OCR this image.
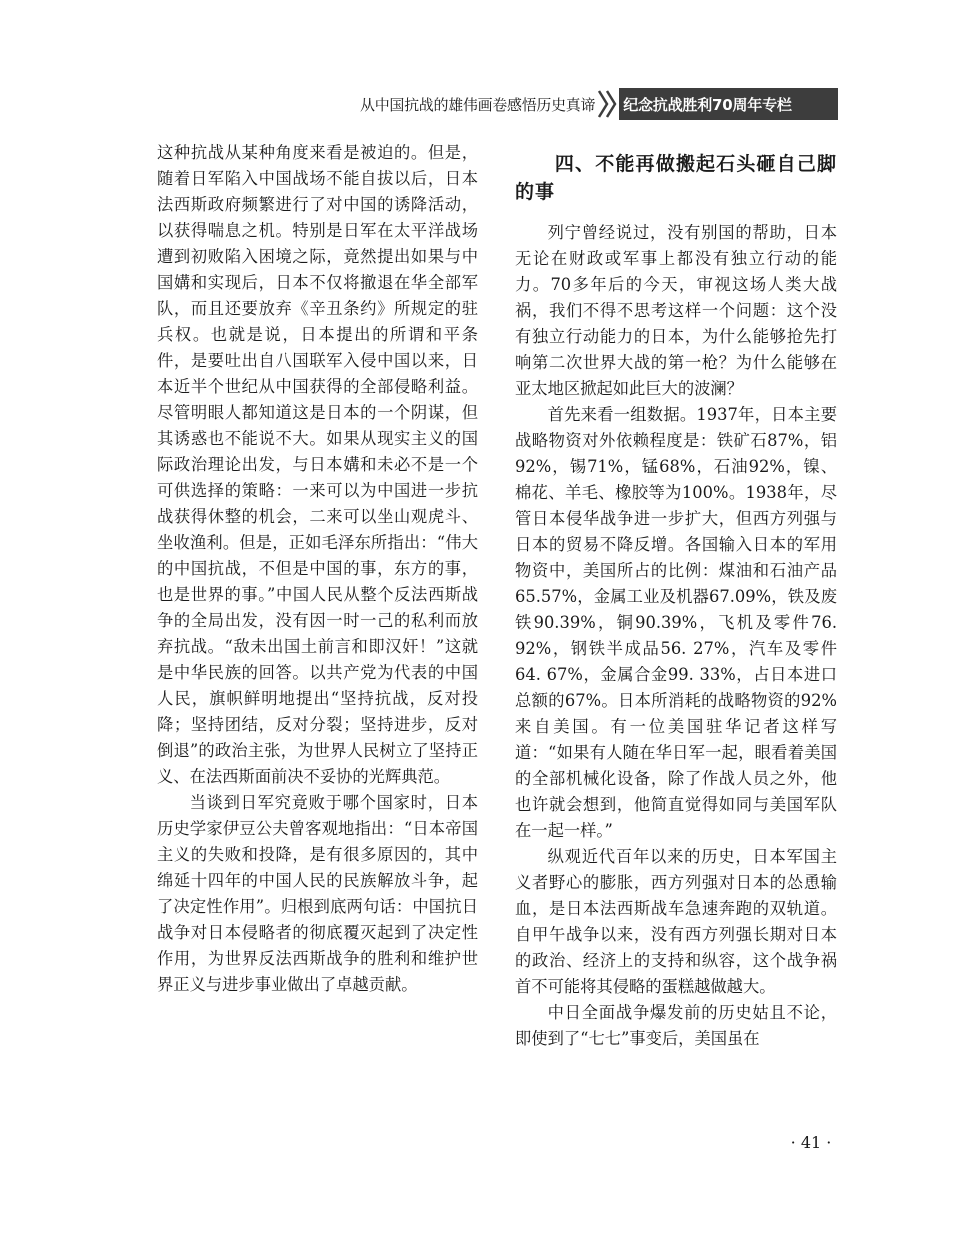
从中国抗战的雄伟画卷感悟历史真谛 纪念抗战胜利70周年专栏

这种抗战从某种角度来看是被迫的。但是，随着日军陷入中国战场不能自拔以后，日本法西斯政府频繁进行了对中国的诱降活动，以获得喘息之机。特别是日军在太平洋战场遭到初败陷入困境之际，竟然提出如果与中国媾和实现后，日本不仅将撤退在华全部军队，而且还要放弃《辛丑条约》所规定的驻兵权。也就是说，日本提出的所谓和平条件，是要吐出自八国联军入侵中国以来，日本近半个世纪从中国获得的全部侵略利益。尽管明眼人都知道这是日本的一个阴谋，但其诱惑也不能说不大。如果从现实主义的国际政治理论出发，与日本媾和未必不是一个可供选择的策略：一来可以为中国进一步抗战获得休整的机会，二来可以坐山观虎斗、坐收渔利。但是，正如毛泽东所指出：“伟大的中国抗战，不但是中国的事，东方的事，也是世界的事。”中国人民从整个反法西斯战争的全局出发，没有因一时一己的私利而放弃抗战。“敌未出国土前言和即汉奸！”这就是中华民族的回答。以共产党为代表的中国人民，旗帜鲜明地提出“坚持抗战，反对投降；坚持团结，反对分裂；坚持进步，反对倒退”的政治主张，为世界人民树立了坚持正义、在法西斯面前决不妥协的光辉典范。

当谈到日军究竟败于哪个国家时，日本历史学家伊豆公夫曾客观地指出：“日本帝国主义的失败和投降，是有很多原因的，其中绵延十四年的中国人民的民族解放斗争，起了决定性作用”。归根到底两句话：中国抗日战争对日本侵略者的彻底覆灭起到了决定性作用，为世界反法西斯战争的胜利和维护世界正义与进步事业做出了卓越贡献。

四、不能再做搬起石头砸自己脚的事

列宁曾经说过，没有别国的帮助，日本无论在财政或军事上都没有独立行动的能力。70多年后的今天，审视这场人类大战祸，我们不得不思考这样一个问题：这个没有独立行动能力的日本，为什么能够抢先打响第二次世界大战的第一枪？为什么能够在亚太地区掀起如此巨大的波澜？

首先来看一组数据。1937年，日本主要战略物资对外依赖程度是：铁矿石87%，铝92%，锡71%，锰68%，石油92%，镍、棉花、羊毛、橡胶等为100%。1938年，尽管日本侵华战争进一步扩大，但西方列强与日本的贸易不降反增。各国输入日本的军用物资中，美国所占的比例：煤油和石油产品65.57%，金属工业及机器67.09%，铁及废铁90.39%，铜90.39%，飞机及零件76. 92%，钢铁半成品56. 27%，汽车及零件64. 67%，金属合金99. 33%，占日本进口总额的67%。日本所消耗的战略物资的92%来自美国。有一位美国驻华记者这样写道：“如果有人随在华日军一起，眼看着美国的全部机械化设备，除了作战人员之外，他也许就会想到，他简直觉得如同与美国军队在一起一样。”

纵观近代百年以来的历史，日本军国主义者野心的膨胀，西方列强对日本的怂恿输血，是日本法西斯战车急速奔跑的双轨道。自甲午战争以来，没有西方列强长期对日本的政治、经济上的支持和纵容，这个战争祸首不可能将其侵略的蛋糕越做越大。

中日全面战争爆发前的历史姑且不论，即使到了“七七”事变后，美国虽在

· 41 ·
